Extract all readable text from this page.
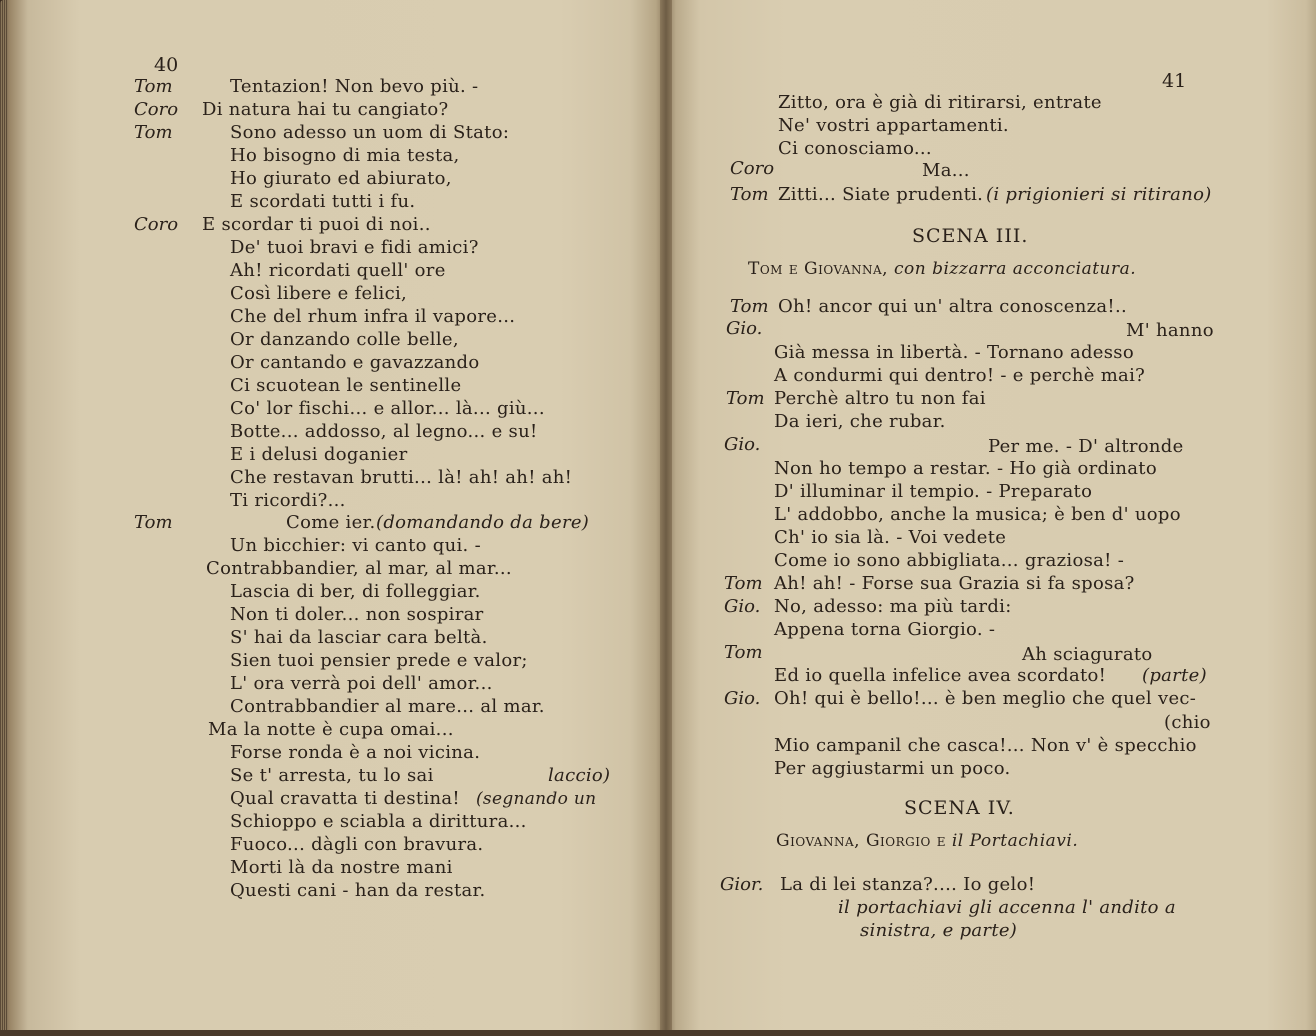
40
Tom	Tentazion! Non bevo più. -
Coro Di natura hai tu cangiato?
Tom	Sono adesso un uom di Stato:
Ho bisogno di mia testa,
Ho giurato ed abiurato,
E scordati tutti i fu.
Coro E scordar ti puoi di noi..
De' tuoi bravi e fidi amici?
Ah! ricordati quell' ore
Così libere e felici,
Che del rhum infra il vapore...
Or danzando colle belle,
Or cantando e gavazzando
Ci scuotean le sentinelle
Co' lor fischi... e allor... là... giù...
Botte... addosso, al legno... e su!
E i delusi doganier
Che restavan brutti... là! ah! ah! ah!
Ti ricordi?...
Tom	Come ier. (domandando da bere)
Un bicchier: vi canto qui. -
Contrabbandier, al mar, al mar...
Lascia di ber, di folleggiar.
Non ti doler... non sospirar
S' hai da lasciar cara beltà.
Sien tuoi pensier prede e valor;
L' ora verrà poi dell' amor...
Contrabbandier al mare... al mar.
Ma la notte è cupa omai...
Forse ronda è a noi vicina.
Se t' arresta, tu lo sai	laccio)
Qual cravatta ti destina! (segnando un
Schioppo e sciabla a dirittura...
Fuoco... dàgli con bravura.
Morti là da nostre mani
Questi cani - han da restar.
41
Zitto, ora è già di ritirarsi, entrate
Ne' vostri appartamenti.
Ci conosciamo...
Coro	Ma...
Tom Zitti... Siate prudenti. (i prigionieri si ritirano)
SCENA III.
Tom e Giovanna, con bizzarra acconciatura.
Tom Oh! ancor qui un' altra conoscenza!..
Gio.	M' hanno
Già messa in libertà. - Tornano adesso
A condurmi qui dentro! - e perchè mai?
Tom Perchè altro tu non fai
Da ieri, che rubar.
Gio.	Per me. - D' altronde
Non ho tempo a restar. - Ho già ordinato
D' illuminar il tempio. - Preparato
L' addobbo, anche la musica; è ben d' uopo
Ch' io sia là. - Voi vedete
Come io sono abbigliata... graziosa! -
Tom Ah! ah! - Forse sua Grazia si fa sposa?
Gio. No, adesso: ma più tardi:
Appena torna Giorgio. -
Tom	Ah sciagurato
Ed io quella infelice avea scordato! (parte)
Gio. Oh! qui è bello!... è ben meglio che quel vec-
(chio
Mio campanil che casca!... Non v' è specchio
Per aggiustarmi un poco.
SCENA IV.
Giovanna, Giorgio e il Portachiavi.
Gior. La di lei stanza?.... Io gelo!
il portachiavi gli accenna l' andito a
sinistra, e parte)
